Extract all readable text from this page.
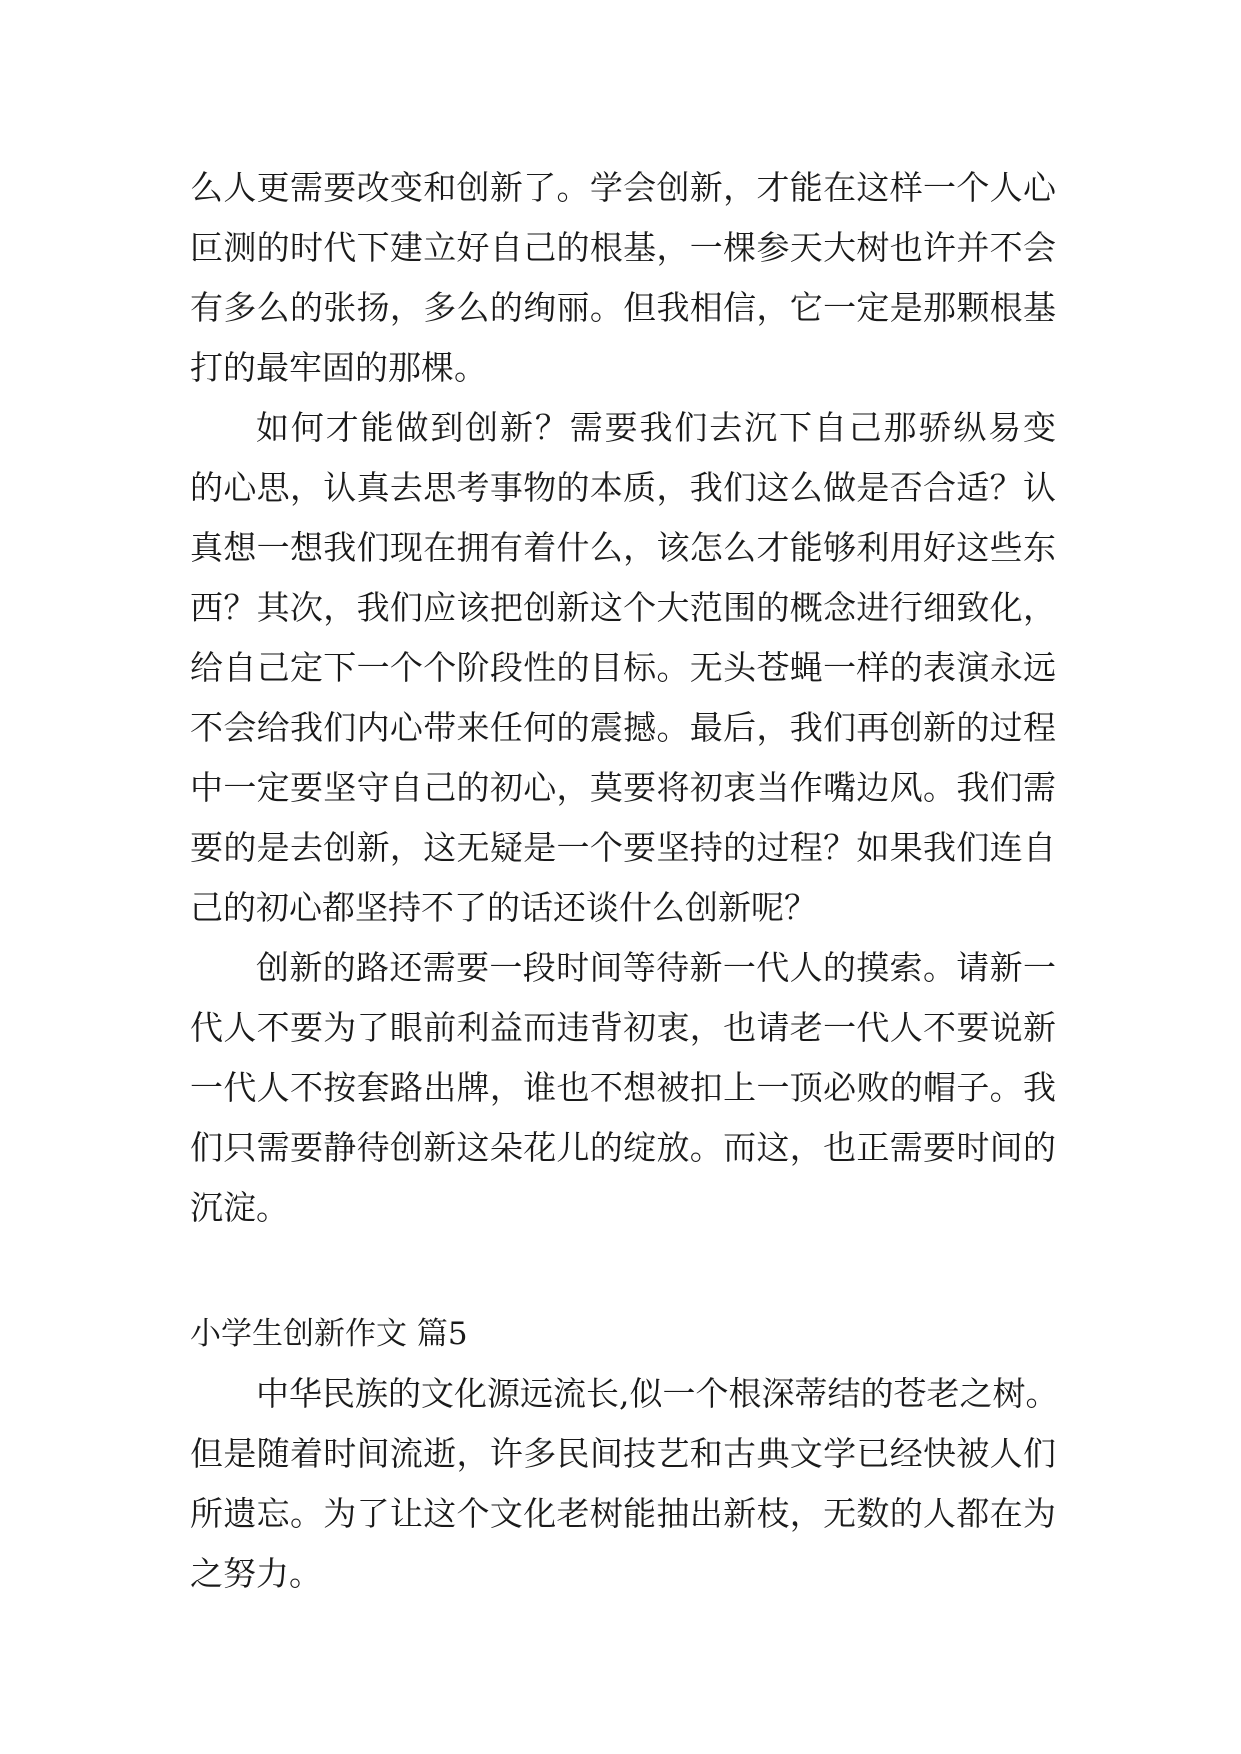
么人更需要改变和创新了。学会创新，才能在这样一个人心
叵测的时代下建立好自己的根基，一棵参天大树也许并不会
有多么的张扬，多么的绚丽。但我相信，它一定是那颗根基
打的最牢固的那棵。
如何才能做到创新？需要我们去沉下自己那骄纵易变
的心思，认真去思考事物的本质，我们这么做是否合适？认
真想一想我们现在拥有着什么，该怎么才能够利用好这些东
西？其次，我们应该把创新这个大范围的概念进行细致化，
给自己定下一个个阶段性的目标。无头苍蝇一样的表演永远
不会给我们内心带来任何的震撼。最后，我们再创新的过程
中一定要坚守自己的初心，莫要将初衷当作嘴边风。我们需
要的是去创新，这无疑是一个要坚持的过程？如果我们连自
己的初心都坚持不了的话还谈什么创新呢？
创新的路还需要一段时间等待新一代人的摸索。请新一
代人不要为了眼前利益而违背初衷，也请老一代人不要说新
一代人不按套路出牌，谁也不想被扣上一顶必败的帽子。我
们只需要静待创新这朵花儿的绽放。而这，也正需要时间的
沉淀。
小学生创新作文 篇5
中华民族的文化源远流长,似一个根深蒂结的苍老之树。
但是随着时间流逝，许多民间技艺和古典文学已经快被人们
所遗忘。为了让这个文化老树能抽出新枝，无数的人都在为
之努力。
